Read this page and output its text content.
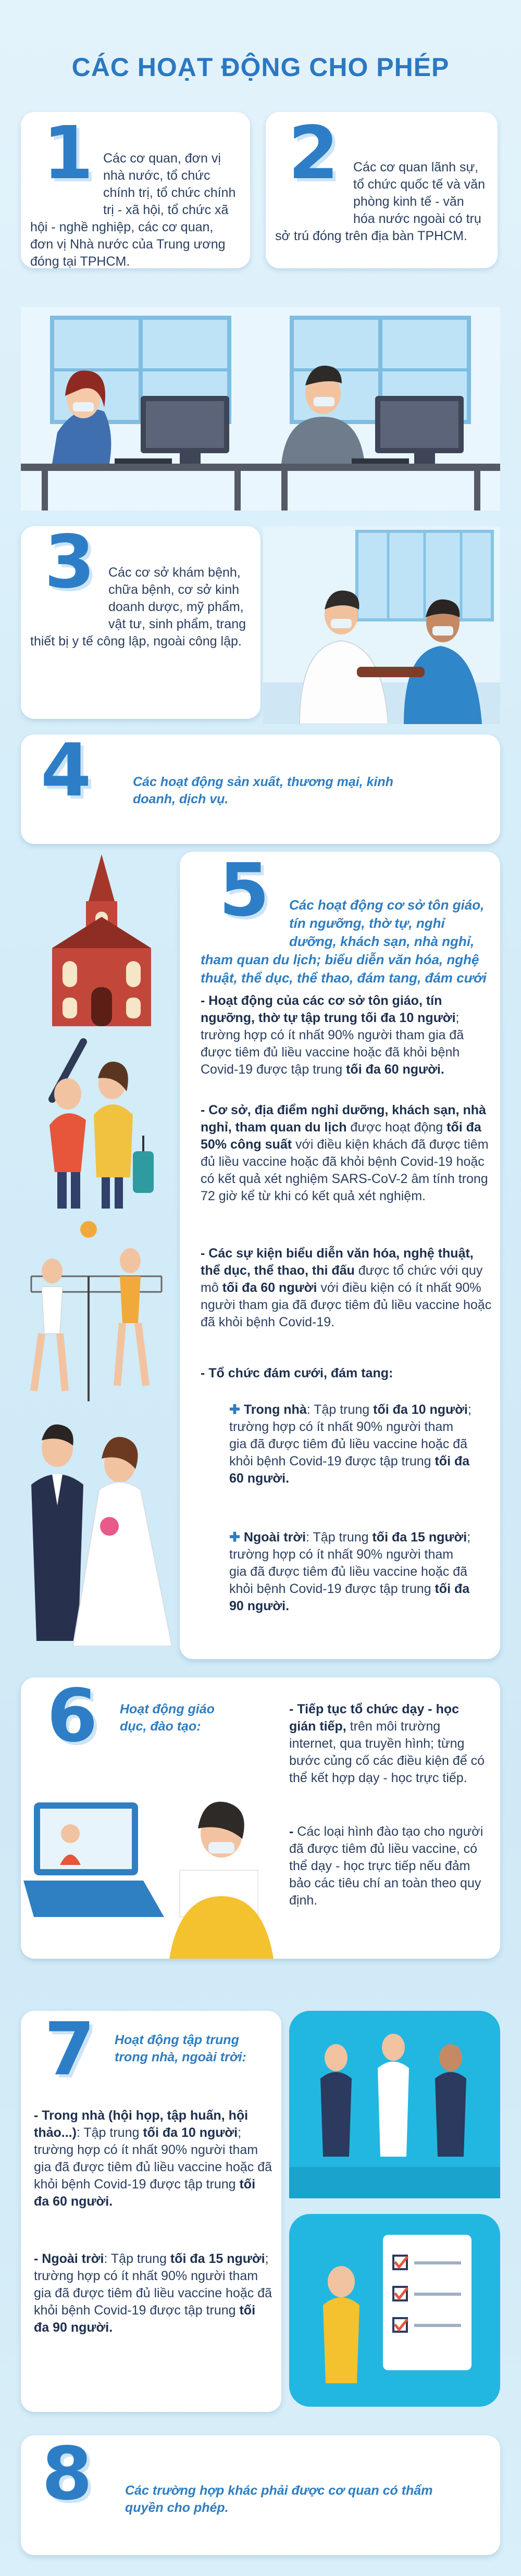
CÁC HOẠT ĐỘNG CHO PHÉP
1 Các cơ quan, đơn vị nhà nước, tổ chức chính trị, tổ chức chính trị - xã hội, tổ chức xã hội - nghề nghiệp, các cơ quan, đơn vị Nhà nước của Trung ương đóng tại TPHCM.
2	Các cơ quan lãnh sự, tổ chức quốc tế và văn phòng kinh tế - văn hóa nước ngoài có trụ sở trú đóng trên địa bàn TPHCM.
3	Các cơ sở khám bệnh, chữa bệnh, cơ sở kinh doanh dược, mỹ phẩm, vật tư, sinh phẩm, trang thiết bị y tế công lập, ngoài công lập.
4	Các hoạt động sản xuất, thương mại, kinh doanh, dịch vụ.
5	Các hoạt động cơ sở tôn giáo, tín ngưỡng, thờ tự, nghỉ dưỡng, khách sạn, nhà nghỉ, tham quan du lịch; biểu diễn văn hóa, nghệ thuật, thể dục, thể thao, đám tang, đám cưới
- Hoạt động của các cơ sở tôn giáo, tín ngưỡng, thờ tự tập trung tối đa 10 người; trường hợp có ít nhất 90% người tham gia đã được tiêm đủ liều vaccine hoặc đã khỏi bệnh Covid-19 được tập trung tối đa 60 người.
- Cơ sở, địa điểm nghỉ dưỡng, khách sạn, nhà nghỉ, tham quan du lịch được hoạt động tối đa 50% công suất với điều kiện khách đã được tiêm đủ liều vaccine hoặc đã khỏi bệnh Covid-19 hoặc có kết quả xét nghiệm SARS-CoV-2 âm tính trong 72 giờ kể từ khi có kết quả xét nghiệm.
- Các sự kiện biểu diễn văn hóa, nghệ thuật, thể dục, thể thao, thi đấu được tổ chức với quy mô tối đa 60 người với điều kiện có ít nhất 90% người tham gia đã được tiêm đủ liều vaccine hoặc đã khỏi bệnh Covid-19.
- Tổ chức đám cưới, đám tang:
✚ Trong nhà: Tập trung tối đa 10 người; trường hợp có ít nhất 90% người tham gia đã được tiêm đủ liều vaccine hoặc đã khỏi bệnh Covid-19 được tập trung tối đa 60 người.
✚ Ngoài trời: Tập trung tối đa 15 người; trường hợp có ít nhất 90% người tham gia đã được tiêm đủ liều vaccine hoặc đã khỏi bệnh Covid-19 được tập trung tối đa 90 người.
6 Hoạt động giáo dục, đào tạo:
- Tiếp tục tổ chức dạy - học gián tiếp, trên môi trường internet, qua truyền hình; từng bước củng cố các điều kiện để có thể kết hợp dạy - học trực tiếp.
- Các loại hình đào tạo cho người đã được tiêm đủ liều vaccine, có thể dạy - học trực tiếp nếu đảm bảo các tiêu chí an toàn theo quy định.
7 Hoạt động tập trung trong nhà, ngoài trời:
- Trong nhà (hội họp, tập huấn, hội thảo...): Tập trung tối đa 10 người; trường hợp có ít nhất 90% người tham gia đã được tiêm đủ liều vaccine hoặc đã khỏi bệnh Covid-19 được tập trung tối đa 60 người.
- Ngoài trời: Tập trung tối đa 15 người; trường hợp có ít nhất 90% người tham gia đã được tiêm đủ liều vaccine hoặc đã khỏi bệnh Covid-19 được tập trung tối đa 90 người.
8	Các trường hợp khác phải được cơ quan có thẩm quyền cho phép.
